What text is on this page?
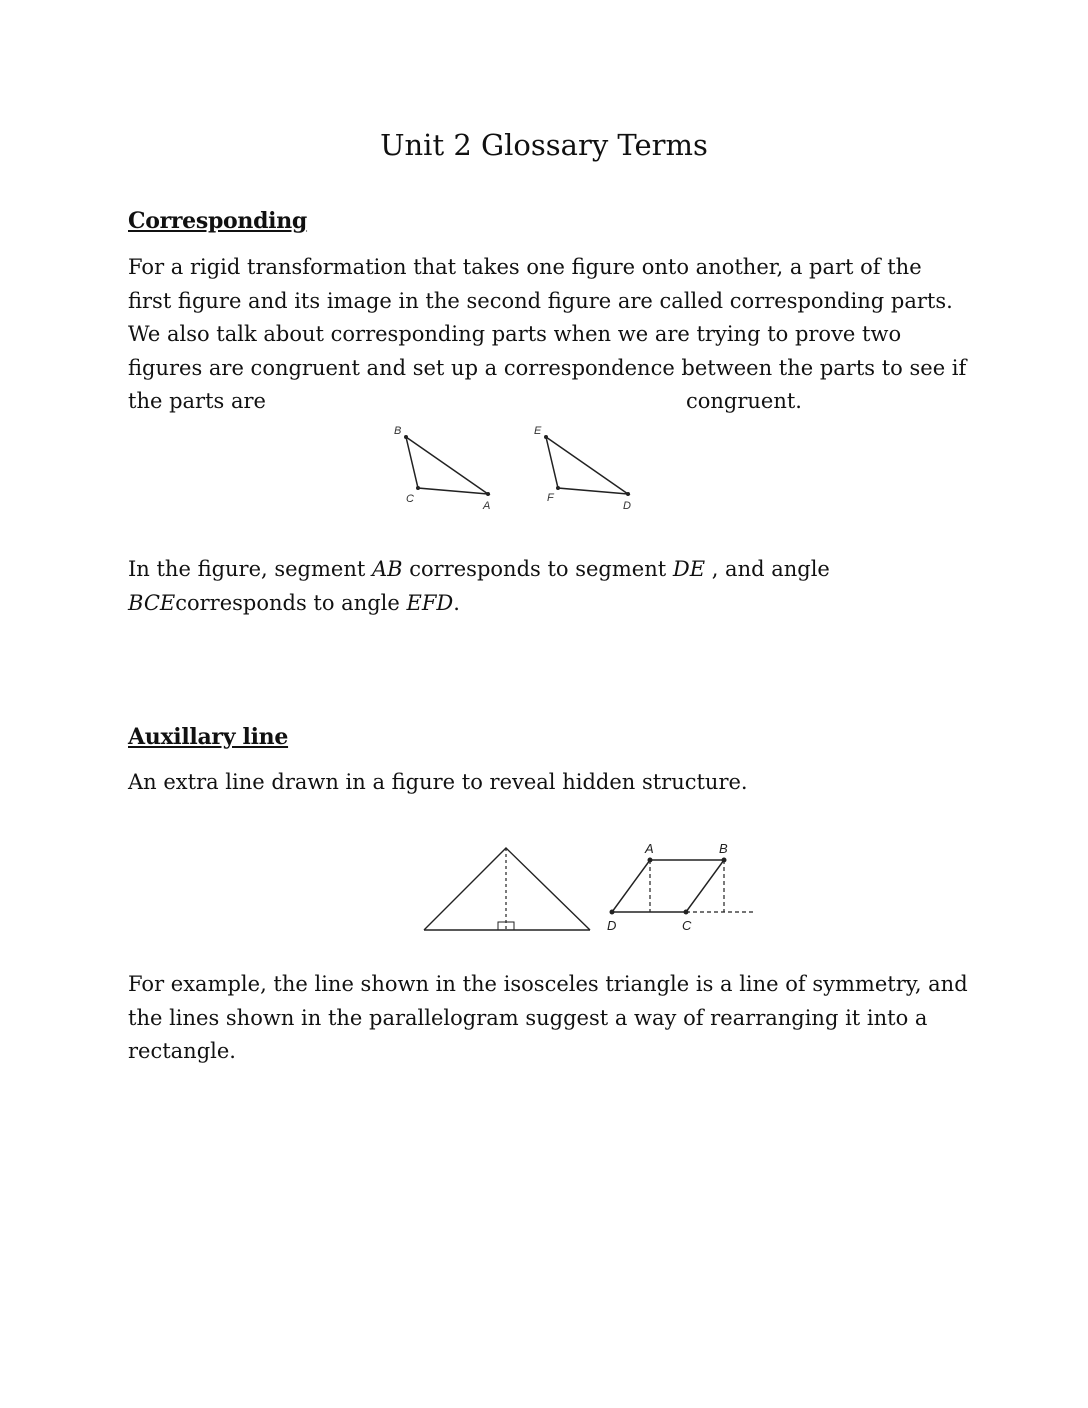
Unit 2 Glossary Terms
Corresponding
For a rigid transformation that takes one figure onto another, a part of the
first figure and its image in the second figure are called corresponding parts.
We also talk about corresponding parts when we are trying to prove two
figures are congruent and set up a correspondence between the parts to see if
the parts are	congruent.
B
C
A
E
F
D
In the figure, segment AB corresponds to segment DE , and angle
BCEcorresponds to angle EFD.
Auxillary line
An extra line drawn in a figure to reveal hidden structure.
A	B
D	C
For example, the line shown in the isosceles triangle is a line of symmetry, and
the lines shown in the parallelogram suggest a way of rearranging it into a
rectangle.
